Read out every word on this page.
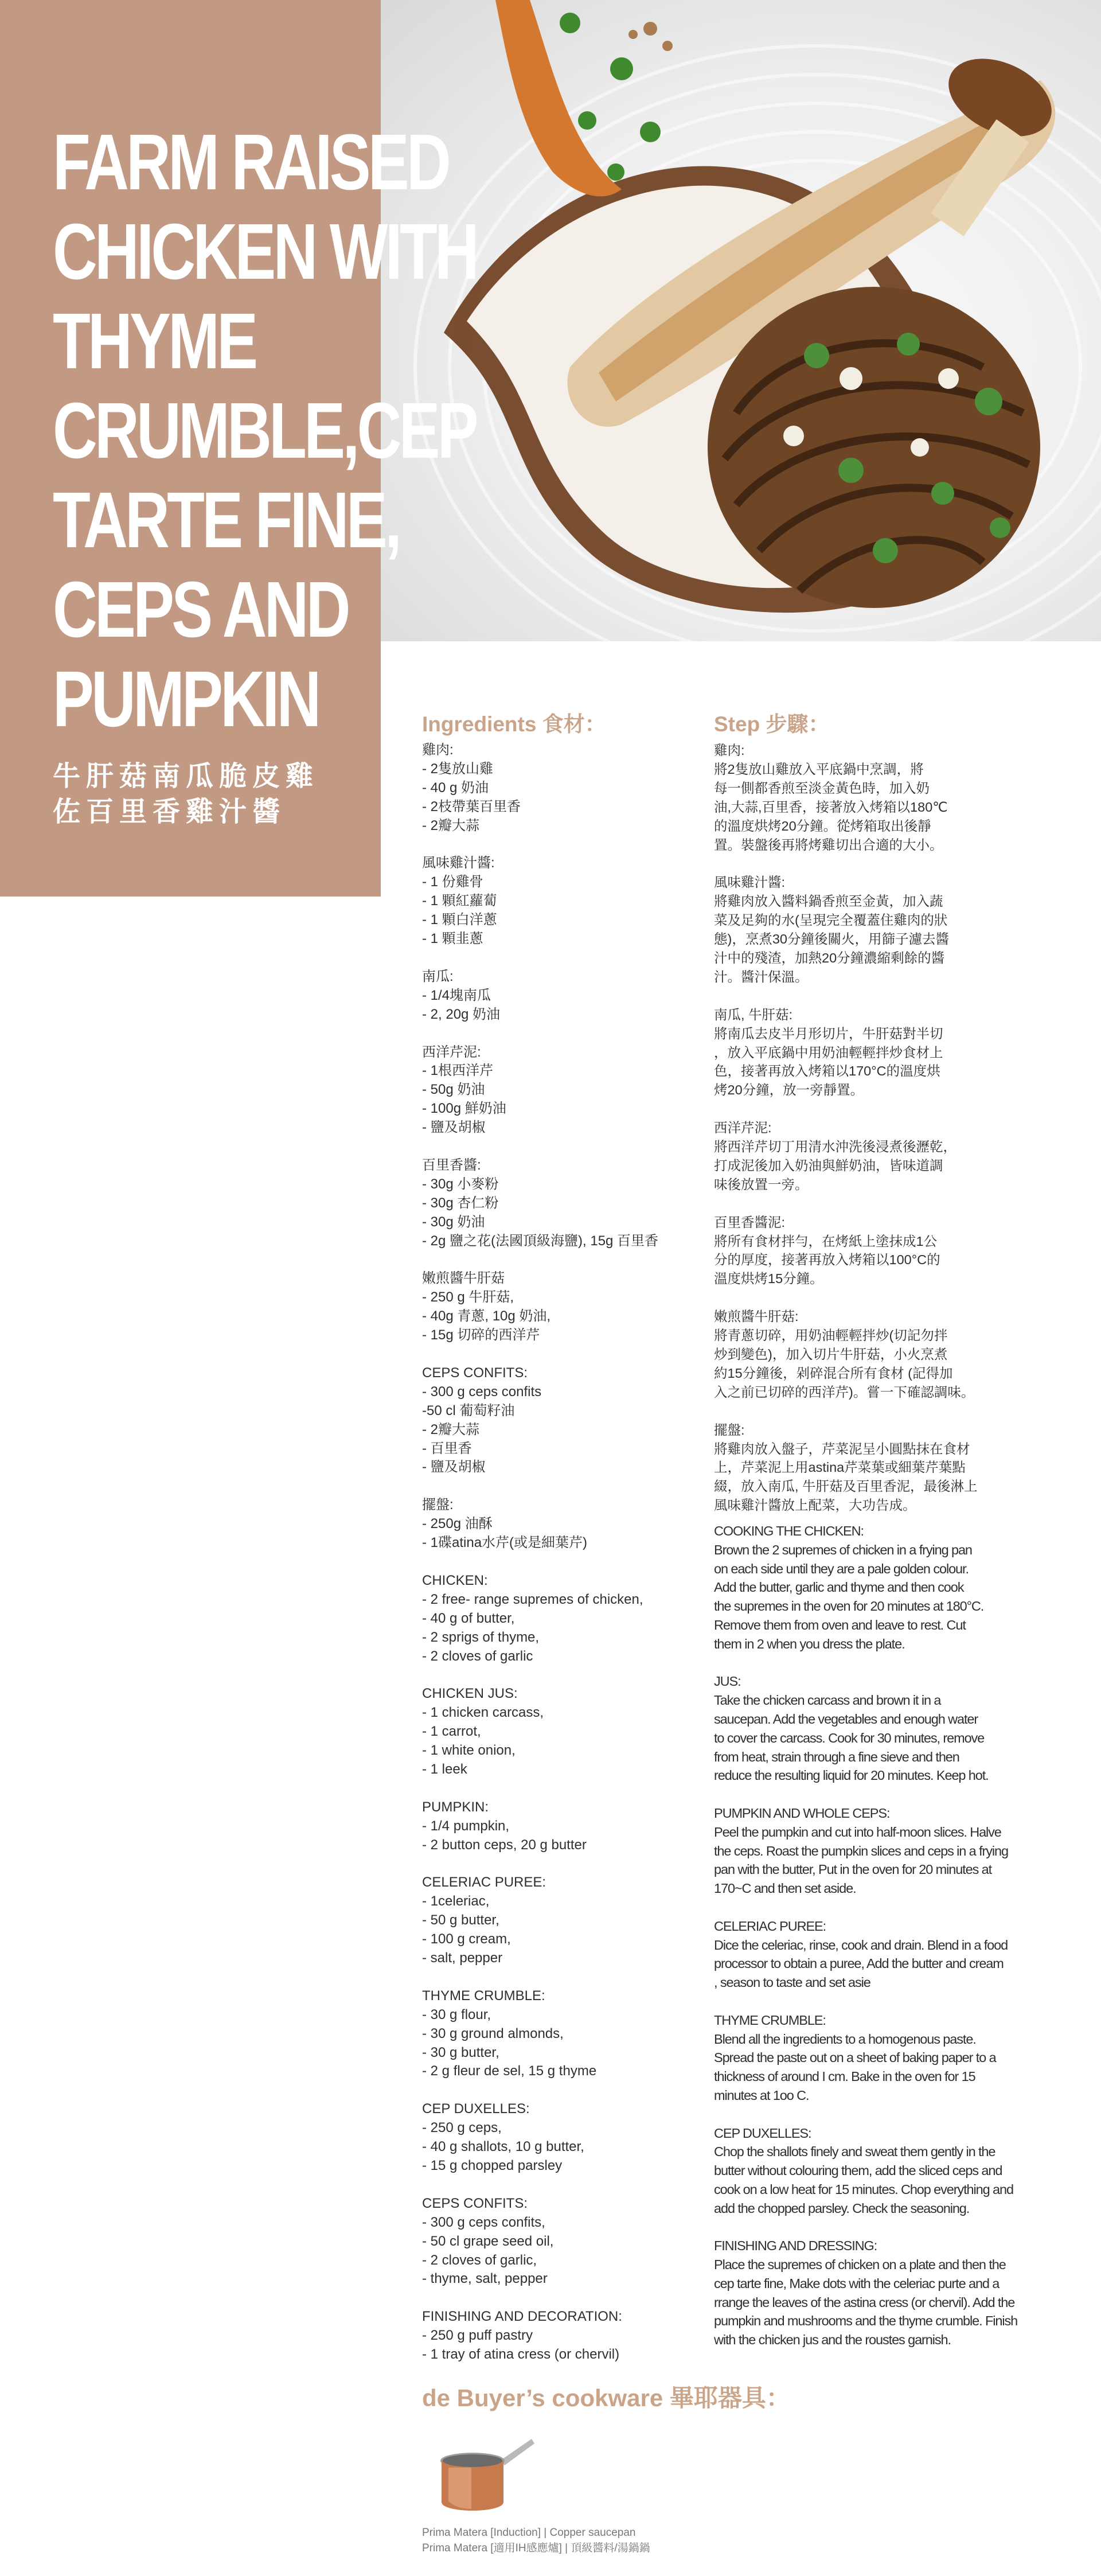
FARM RAISED
CHICKEN WITH THYME
CRUMBLE,CEP
TARTE FINE,
CEPS AND
PUMPKIN

牛肝菇南瓜脆皮雞
佐百里香雞汁醬

Ingredients 食材：

雞肉:
- 2隻放山雞
- 40 g 奶油
- 2枝帶葉百里香
- 2瓣大蒜

風味雞汁醬:
- 1 份雞骨
- 1 顆紅蘿蔔
- 1 顆白洋蔥
- 1 顆韭蔥

南瓜:
- 1/4塊南瓜
- 2, 20g 奶油

西洋芹泥:
- 1根西洋芹
- 50g 奶油
- 100g 鮮奶油
- 鹽及胡椒

百里香醬:
- 30g 小麥粉
- 30g 杏仁粉
- 30g 奶油
- 2g 鹽之花(法國頂級海鹽), 15g 百里香

嫩煎醬牛肝菇
- 250 g 牛肝菇,
- 40g 青蔥, 10g 奶油,
- 15g 切碎的西洋芹

CEPS CONFITS:
- 300 g ceps confits
-50 cl 葡萄籽油
- 2瓣大蒜
- 百里香
- 鹽及胡椒

擺盤:
- 250g 油酥
- 1碟atina水芹(或是細葉芹)

CHICKEN:
- 2 free- range supremes of chicken,
- 40 g of butter,
- 2 sprigs of thyme,
- 2 cloves of garlic

CHICKEN JUS:
- 1 chicken carcass,
- 1 carrot,
- 1 white onion,
- 1 leek

PUMPKIN:
- 1/4 pumpkin,
- 2 button ceps, 20 g butter

CELERIAC PUREE:
- 1celeriac,
- 50 g butter,
- 100 g cream,
- salt, pepper

THYME CRUMBLE:
- 30 g flour,
- 30 g ground almonds,
- 30 g butter,
- 2 g fleur de sel, 15 g thyme

CEP DUXELLES:
- 250 g ceps,
- 40 g shallots, 10 g butter,
- 15 g chopped parsley

CEPS CONFITS:
- 300 g ceps confits,
- 50 cl grape seed oil,
- 2 cloves of garlic,
- thyme, salt, pepper

FINISHING AND DECORATION:
- 250 g puff pastry
- 1 tray of atina cress (or chervil)

Step 步驟：

雞肉:
將2隻放山雞放入平底鍋中烹調，將
每一側都香煎至淡金黃色時，加入奶
油,大蒜,百里香，接著放入烤箱以180℃
的溫度烘烤20分鐘。從烤箱取出後靜
置。裝盤後再將烤雞切出合適的大小。

風味雞汁醬:
將雞肉放入醬料鍋香煎至金黃，加入蔬
菜及足夠的水(呈現完全覆蓋住雞肉的狀
態)，烹煮30分鐘後關火，用篩子濾去醬
汁中的殘渣，加熱20分鐘濃縮剩餘的醬
汁。醬汁保溫。

南瓜, 牛肝菇:
將南瓜去皮半月形切片，牛肝菇對半切
，放入平底鍋中用奶油輕輕拌炒食材上
色，接著再放入烤箱以170°C的溫度烘
烤20分鐘，放一旁靜置。

西洋芹泥:
將西洋芹切丁用清水沖洗後浸煮後瀝乾，
打成泥後加入奶油與鮮奶油，皆味道調
味後放置一旁。

百里香醬泥:
將所有食材拌勻，在烤紙上塗抹成1公
分的厚度，接著再放入烤箱以100°C的
溫度烘烤15分鐘。

嫩煎醬牛肝菇:
將青蔥切碎，用奶油輕輕拌炒(切記勿拌
炒到變色)，加入切片牛肝菇，小火烹煮
約15分鐘後，剁碎混合所有食材 (記得加
入之前已切碎的西洋芹)。嘗一下確認調味。

擺盤:
將雞肉放入盤子，芹菜泥呈小圓點抹在食材
上，芹菜泥上用astina芹菜葉或細葉芹葉點
綴，放入南瓜, 牛肝菇及百里香泥，最後淋上
風味雞汁醬放上配菜，大功告成。

COOKING THE CHICKEN:
Brown the 2 supremes of chicken in a frying pan
on each side until they are a pale golden colour.
Add the butter, garlic and thyme and then cook
the supremes in the oven for 20 minutes at 180°C.
Remove them from oven and leave to rest. Cut
them in 2 when you dress the plate.

JUS:
Take the chicken carcass and brown it in a
saucepan. Add the vegetables and enough water
to cover the carcass. Cook for 30 minutes, remove
from heat, strain through a fine sieve and then
reduce the resulting liquid for 20 minutes. Keep hot.

PUMPKIN AND WHOLE CEPS:
Peel the pumpkin and cut into half-moon slices. Halve
the ceps. Roast the pumpkin slices and ceps in a frying
pan with the butter, Put in the oven for 20 minutes at
170~C and then set aside.

CELERIAC PUREE:
Dice the celeriac, rinse, cook and drain. Blend in a food
processor to obtain a puree, Add the butter and cream
, season to taste and set asie

THYME CRUMBLE:
Blend all the ingredients to a homogenous paste.
Spread the paste out on a sheet of baking paper to a
thickness of around I cm. Bake in the oven for 15
minutes at 1oo C.

CEP DUXELLES:
Chop the shallots finely and sweat them gently in the
butter without colouring them, add the sliced ceps and
cook on a low heat for 15 minutes. Chop everything and
add the chopped parsley. Check the seasoning.

FINISHING AND DRESSING:
Place the supremes of chicken on a plate and then the
cep tarte fine, Make dots with the celeriac purte and a
rrange the leaves of the astina cress (or chervil). Add the
pumpkin and mushrooms and the thyme crumble. Finish
with the chicken jus and the roustes garnish.

de Buyer’s cookware 畢耶器具：

Prima Matera [Induction] | Copper saucepan
Prima Matera [適用IH感應爐] | 頂級醬料/湯鍋鍋
